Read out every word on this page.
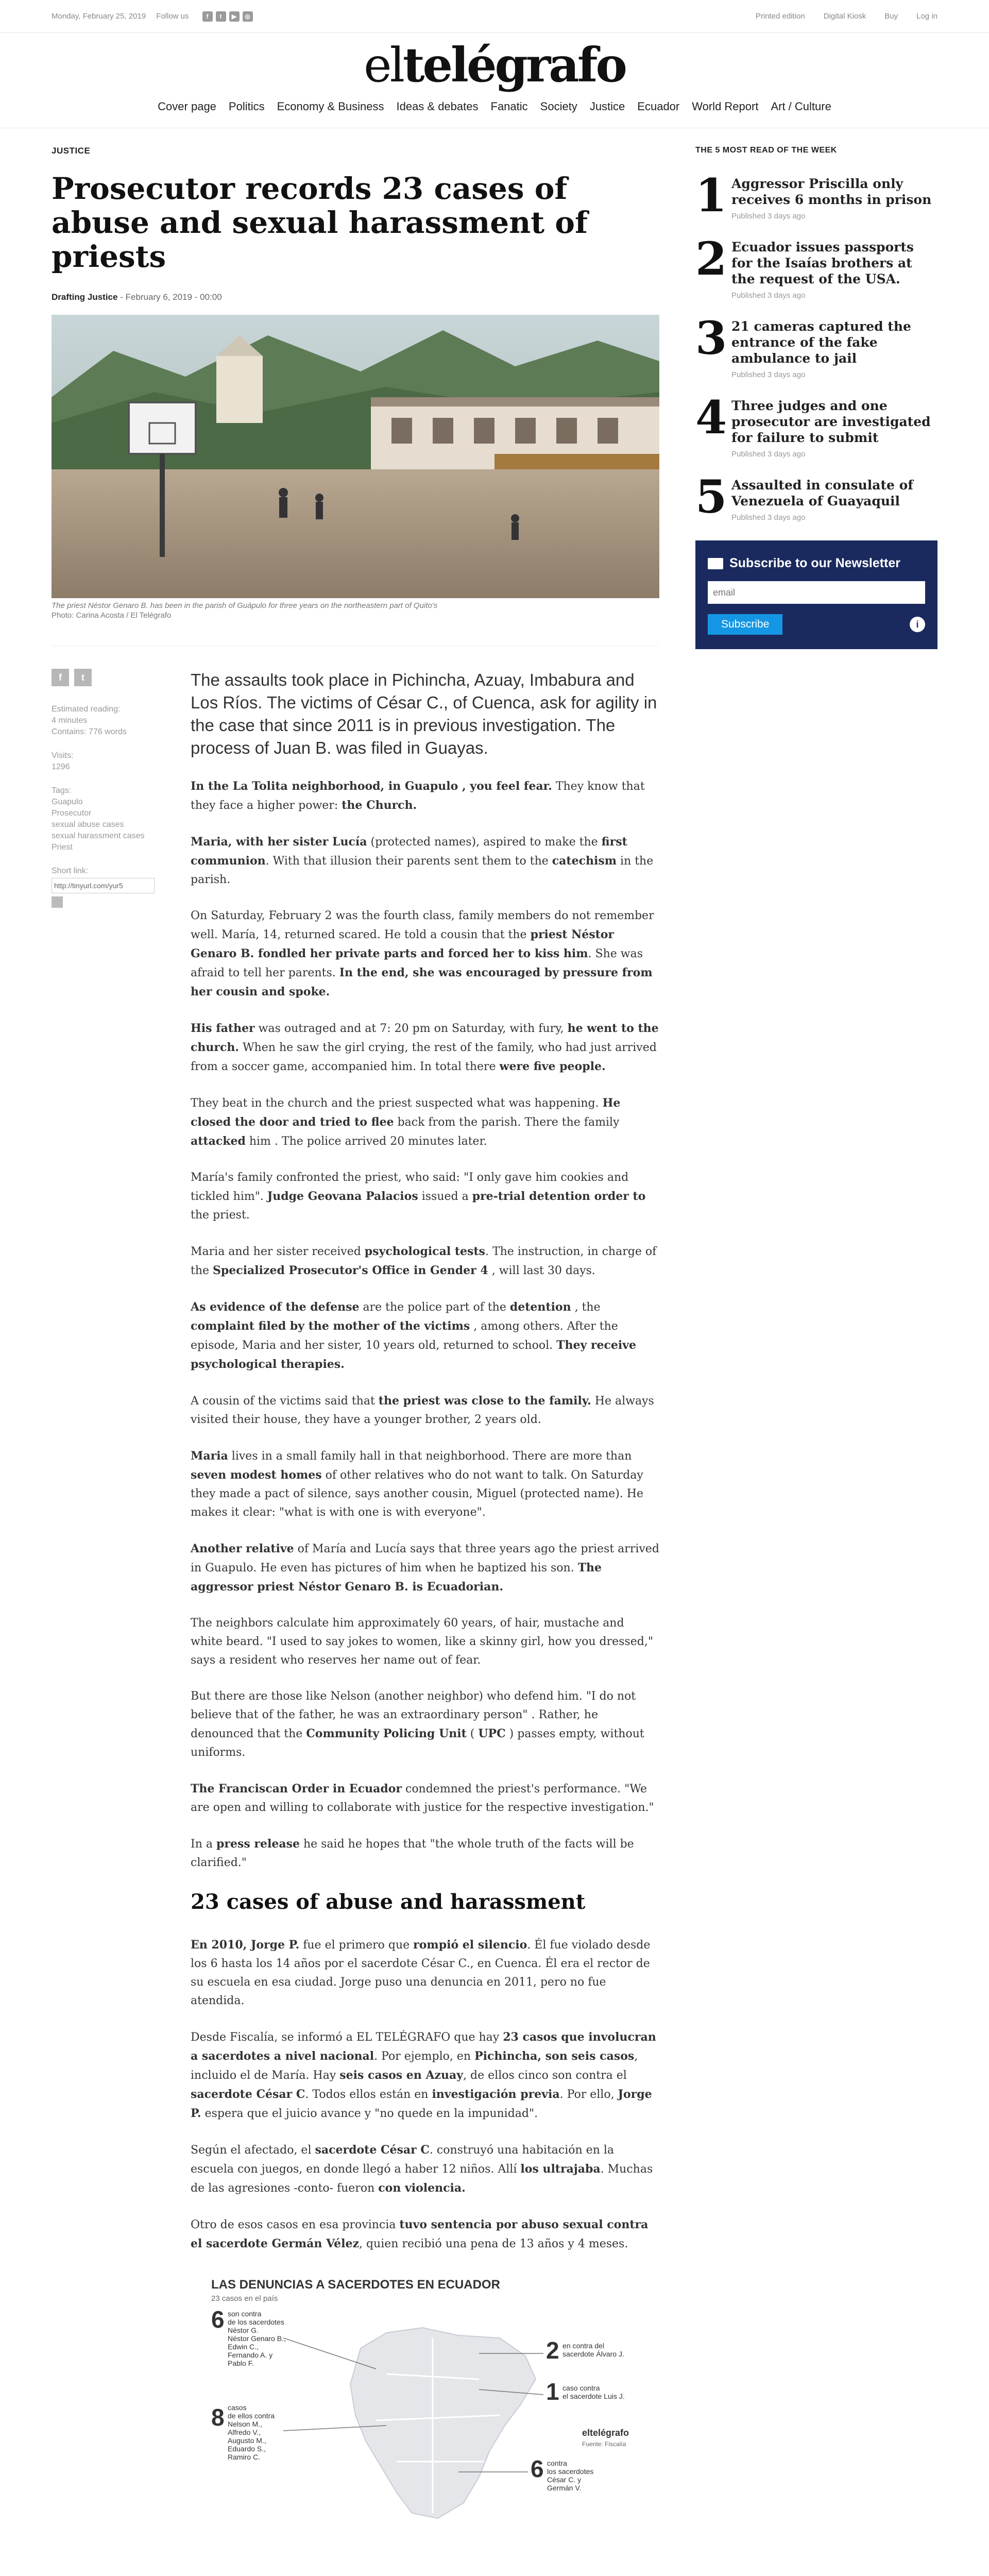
Monday, February 25, 2019 Follow us	f	t	▶	◎	Printed edition Digital Kiosk Buy Log in
eltelégrafo
Cover page Politics Economy & Business Ideas & debates Fanatic Society Justice Ecuador World Report Art / Culture
JUSTICE
Prosecutor records 23 cases of abuse and sexual harassment of priests
Drafting Justice - February 6, 2019 - 00:00
The priest Néstor Genaro B. has been in the parish of Guápulo for three years on the northeastern part of Quito's
Photo: Carina Acosta / El Telégrafo
f	t
Estimated reading:
4 minutes
Contains: 776 words
Visits:
1296
Tags:
Guapulo
Prosecutor
sexual abuse cases
sexual harassment cases
Priest
Short link:
http://tinyurl.com/yur5
The assaults took place in Pichincha, Azuay, Imbabura and Los Ríos. The victims of César C., of Cuenca, ask for agility in the case that since 2011 is in previous investigation. The process of Juan B. was filed in Guayas.

In the La Tolita neighborhood, in Guapulo , you feel fear. They know that they face a higher power: the Church.

Maria, with her sister Lucía (protected names), aspired to make the first communion. With that illusion their parents sent them to the catechism in the parish.

On Saturday, February 2 was the fourth class, family members do not remember well. María, 14, returned scared. He told a cousin that the priest Néstor Genaro B. fondled her private parts and forced her to kiss him. She was afraid to tell her parents. In the end, she was encouraged by pressure from her cousin and spoke.

His father was outraged and at 7: 20 pm on Saturday, with fury, he went to the church. When he saw the girl crying, the rest of the family, who had just arrived from a soccer game, accompanied him. In total there were five people.

They beat in the church and the priest suspected what was happening. He closed the door and tried to flee back from the parish. There the family attacked him . The police arrived 20 minutes later.

María's family confronted the priest, who said: "I only gave him cookies and tickled him". Judge Geovana Palacios issued a pre-trial detention order to the priest.

Maria and her sister received psychological tests. The instruction, in charge of the Specialized Prosecutor's Office in Gender 4 , will last 30 days.

As evidence of the defense are the police part of the detention , the complaint filed by the mother of the victims , among others. After the episode, Maria and her sister, 10 years old, returned to school. They receive psychological therapies.

A cousin of the victims said that the priest was close to the family. He always visited their house, they have a younger brother, 2 years old.

Maria lives in a small family hall in that neighborhood. There are more than seven modest homes of other relatives who do not want to talk. On Saturday they made a pact of silence, says another cousin, Miguel (protected name). He makes it clear: "what is with one is with everyone".

Another relative of María and Lucía says that three years ago the priest arrived in Guapulo. He even has pictures of him when he baptized his son. The aggressor priest Néstor Genaro B. is Ecuadorian.

The neighbors calculate him approximately 60 years, of hair, mustache and white beard. "I used to say jokes to women, like a skinny girl, how you dressed," says a resident who reserves her name out of fear.

But there are those like Nelson (another neighbor) who defend him. "I do not believe that of the father, he was an extraordinary person" . Rather, he denounced that the Community Policing Unit ( UPC ) passes empty, without uniforms.

The Franciscan Order in Ecuador condemned the priest's performance. "We are open and willing to collaborate with justice for the respective investigation."

In a press release he said he hopes that "the whole truth of the facts will be clarified."

23 cases of abuse and harassment

En 2010, Jorge P. fue el primero que rompió el silencio. Él fue violado desde los 6 hasta los 14 años por el sacerdote César C., en Cuenca. Él era el rector de su escuela en esa ciudad. Jorge puso una denuncia en 2011, pero no fue atendida.

Desde Fiscalía, se informó a EL TELÉGRAFO que hay 23 casos que involucran a sacerdotes a nivel nacional. Por ejemplo, en Pichincha, son seis casos, incluido el de María. Hay seis casos en Azuay, de ellos cinco son contra el sacerdote César C. Todos ellos están en investigación previa. Por ello, Jorge P. espera que el juicio avance y "no quede en la impunidad".

Según el afectado, el sacerdote César C. construyó una habitación en la escuela con juegos, en donde llegó a haber 12 niños. Allí los ultrajaba. Muchas de las agresiones -conto- fueron con violencia.

Otro de esos casos en esa provincia tuvo sentencia por abuso sexual contra el sacerdote Germán Vélez, quien recibió una pena de 13 años y 4 meses.

LAS DENUNCIAS A SACERDOTES EN ECUADOR
23 casos en el país
6 son contra
de los sacerdotes
Néstor G.
Néstor Genaro B.,
Edwin C.,
Fernando A. y
Pablo F.
8 casos
de ellos contra
Nelson M.,
Alfredo V.,
Augusto M.,
Eduardo S.,
Ramiro C.
2 en contra del
sacerdote Álvaro J.
1 caso contra
el sacerdote Luis J.
6 contra
los sacerdotes
César C. y
Germán V.
eltelégrafo
Fuente: Fiscalía

THE 5 MOST READ OF THE WEEK
1 Aggressor Priscilla only receives 6 months in prison
Published 3 days ago
2 Ecuador issues passports for the Isaías brothers at the request of the USA.
Published 3 days ago
3 21 cameras captured the entrance of the fake ambulance to jail
Published 3 days ago
4 Three judges and one prosecutor are investigated for failure to submit
Published 3 days ago
5 Assaulted in consulate of Venezuela of Guayaquil
Published 3 days ago
Subscribe to our Newsletter
email
Subscribe	i
